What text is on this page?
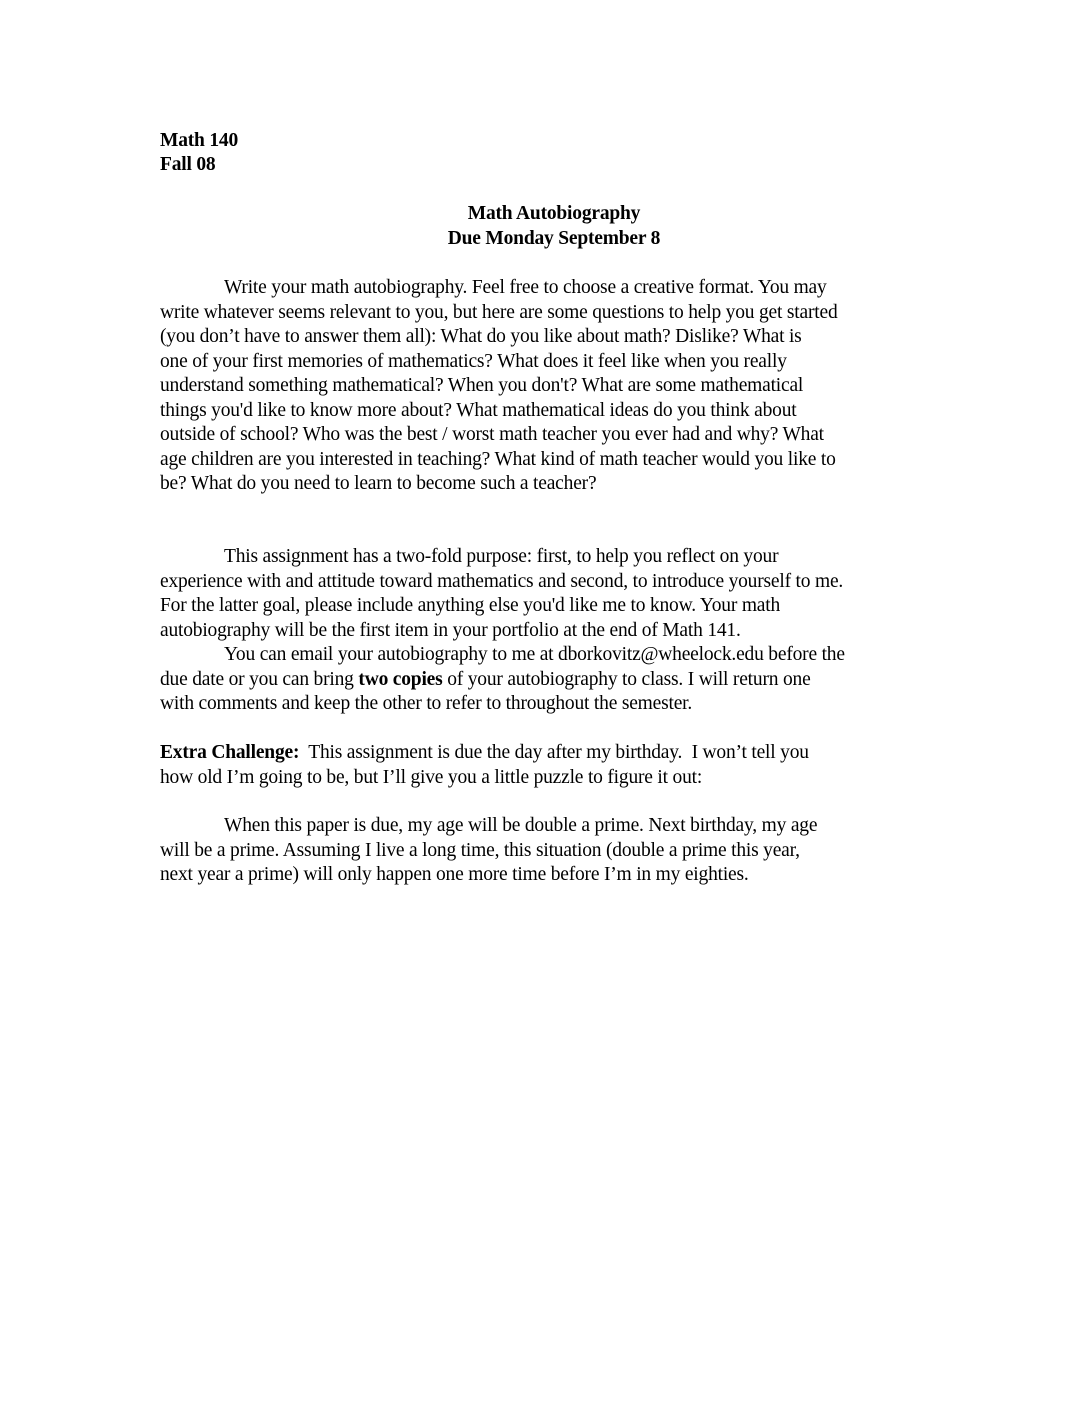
Math 140
Fall 08
Math Autobiography
Due Monday September 8
Write your math autobiography. Feel free to choose a creative format. You may
write whatever seems relevant to you, but here are some questions to help you get started
(you don’t have to answer them all): What do you like about math? Dislike? What is
one of your first memories of mathematics? What does it feel like when you really
understand something mathematical? When you don't? What are some mathematical
things you'd like to know more about? What mathematical ideas do you think about
outside of school? Who was the best / worst math teacher you ever had and why? What
age children are you interested in teaching? What kind of math teacher would you like to
be? What do you need to learn to become such a teacher?
This assignment has a two-fold purpose: first, to help you reflect on your
experience with and attitude toward mathematics and second, to introduce yourself to me.
For the latter goal, please include anything else you'd like me to know. Your math
autobiography will be the first item in your portfolio at the end of Math 141.
You can email your autobiography to me at dborkovitz@wheelock.edu before the
due date or you can bring two copies of your autobiography to class. I will return one
with comments and keep the other to refer to throughout the semester.
Extra Challenge:  This assignment is due the day after my birthday.  I won’t tell you
how old I’m going to be, but I’ll give you a little puzzle to figure it out:
When this paper is due, my age will be double a prime. Next birthday, my age
will be a prime. Assuming I live a long time, this situation (double a prime this year,
next year a prime) will only happen one more time before I’m in my eighties.
